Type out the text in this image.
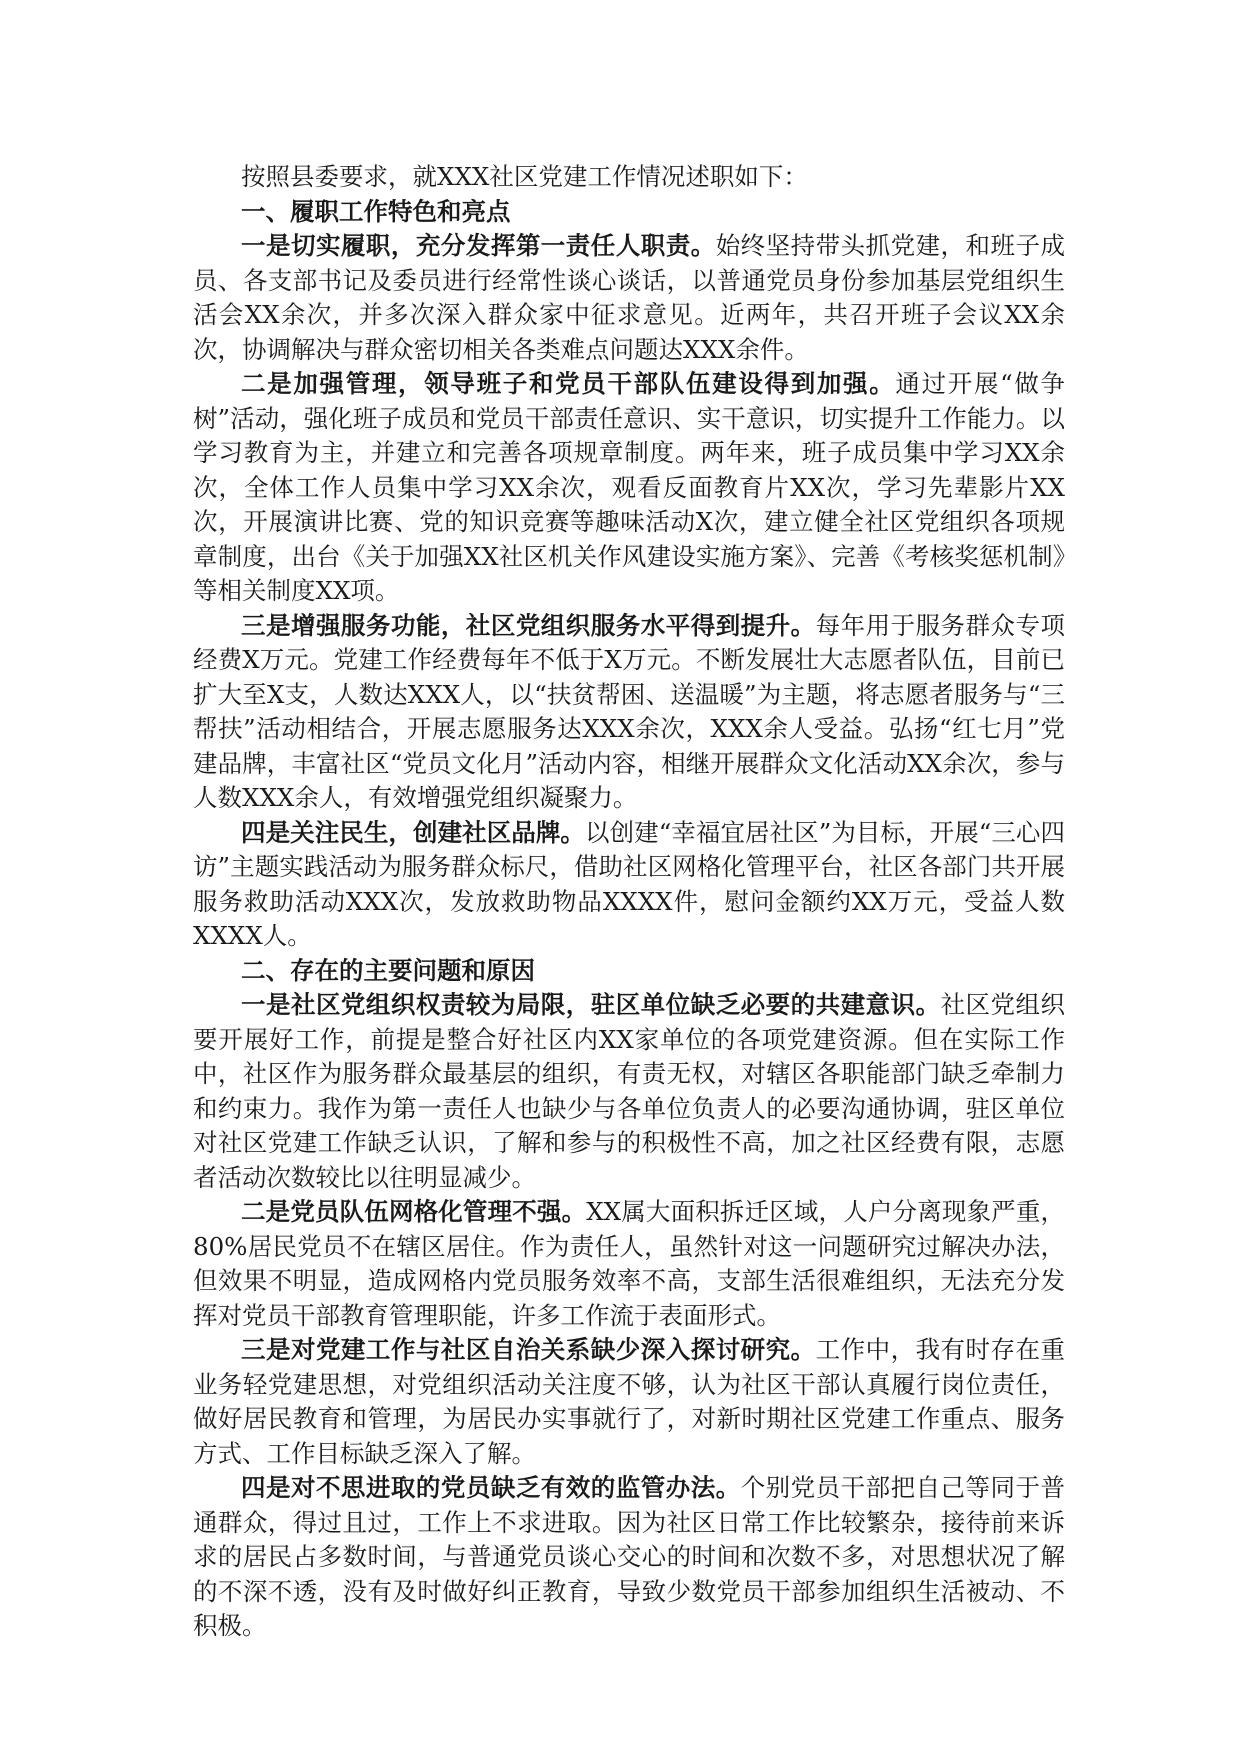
按照县委要求，就XXX社区党建工作情况述职如下：

一、履职工作特色和亮点

一是切实履职，充分发挥第一责任人职责。始终坚持带头抓党建，和班子成员、各支部书记及委员进行经常性谈心谈话，以普通党员身份参加基层党组织生活会XX余次，并多次深入群众家中征求意见。近两年，共召开班子会议XX余次，协调解决与群众密切相关各类难点问题达XXX余件。

二是加强管理，领导班子和党员干部队伍建设得到加强。通过开展“做争树”活动，强化班子成员和党员干部责任意识、实干意识，切实提升工作能力。以学习教育为主，并建立和完善各项规章制度。两年来，班子成员集中学习XX余次，全体工作人员集中学习XX余次，观看反面教育片XX次，学习先辈影片XX次，开展演讲比赛、党的知识竞赛等趣味活动X次，建立健全社区党组织各项规章制度，出台《关于加强XX社区机关作风建设实施方案》、完善《考核奖惩机制》等相关制度XX项。

三是增强服务功能，社区党组织服务水平得到提升。每年用于服务群众专项经费X万元。党建工作经费每年不低于X万元。不断发展壮大志愿者队伍，目前已扩大至X支，人数达XXX人，以“扶贫帮困、送温暖”为主题，将志愿者服务与“三帮扶”活动相结合，开展志愿服务达XXX余次，XXX余人受益。弘扬“红七月”党建品牌，丰富社区“党员文化月”活动内容，相继开展群众文化活动XX余次，参与人数XXX余人，有效增强党组织凝聚力。

四是关注民生，创建社区品牌。以创建“幸福宜居社区”为目标，开展“三心四访”主题实践活动为服务群众标尺，借助社区网格化管理平台，社区各部门共开展服务救助活动XXX次，发放救助物品XXXX件，慰问金额约XX万元，受益人数XXXX人。

二、存在的主要问题和原因

一是社区党组织权责较为局限，驻区单位缺乏必要的共建意识。社区党组织要开展好工作，前提是整合好社区内XX家单位的各项党建资源。但在实际工作中，社区作为服务群众最基层的组织，有责无权，对辖区各职能部门缺乏牵制力和约束力。我作为第一责任人也缺少与各单位负责人的必要沟通协调，驻区单位对社区党建工作缺乏认识，了解和参与的积极性不高，加之社区经费有限，志愿者活动次数较比以往明显减少。

二是党员队伍网格化管理不强。XX属大面积拆迁区域，人户分离现象严重，80%居民党员不在辖区居住。作为责任人，虽然针对这一问题研究过解决办法，但效果不明显，造成网格内党员服务效率不高，支部生活很难组织，无法充分发挥对党员干部教育管理职能，许多工作流于表面形式。

三是对党建工作与社区自治关系缺少深入探讨研究。工作中，我有时存在重业务轻党建思想，对党组织活动关注度不够，认为社区干部认真履行岗位责任，做好居民教育和管理，为居民办实事就行了，对新时期社区党建工作重点、服务方式、工作目标缺乏深入了解。

四是对不思进取的党员缺乏有效的监管办法。个别党员干部把自己等同于普通群众，得过且过，工作上不求进取。因为社区日常工作比较繁杂，接待前来诉求的居民占多数时间，与普通党员谈心交心的时间和次数不多，对思想状况了解的不深不透，没有及时做好纠正教育，导致少数党员干部参加组织生活被动、不积极。
